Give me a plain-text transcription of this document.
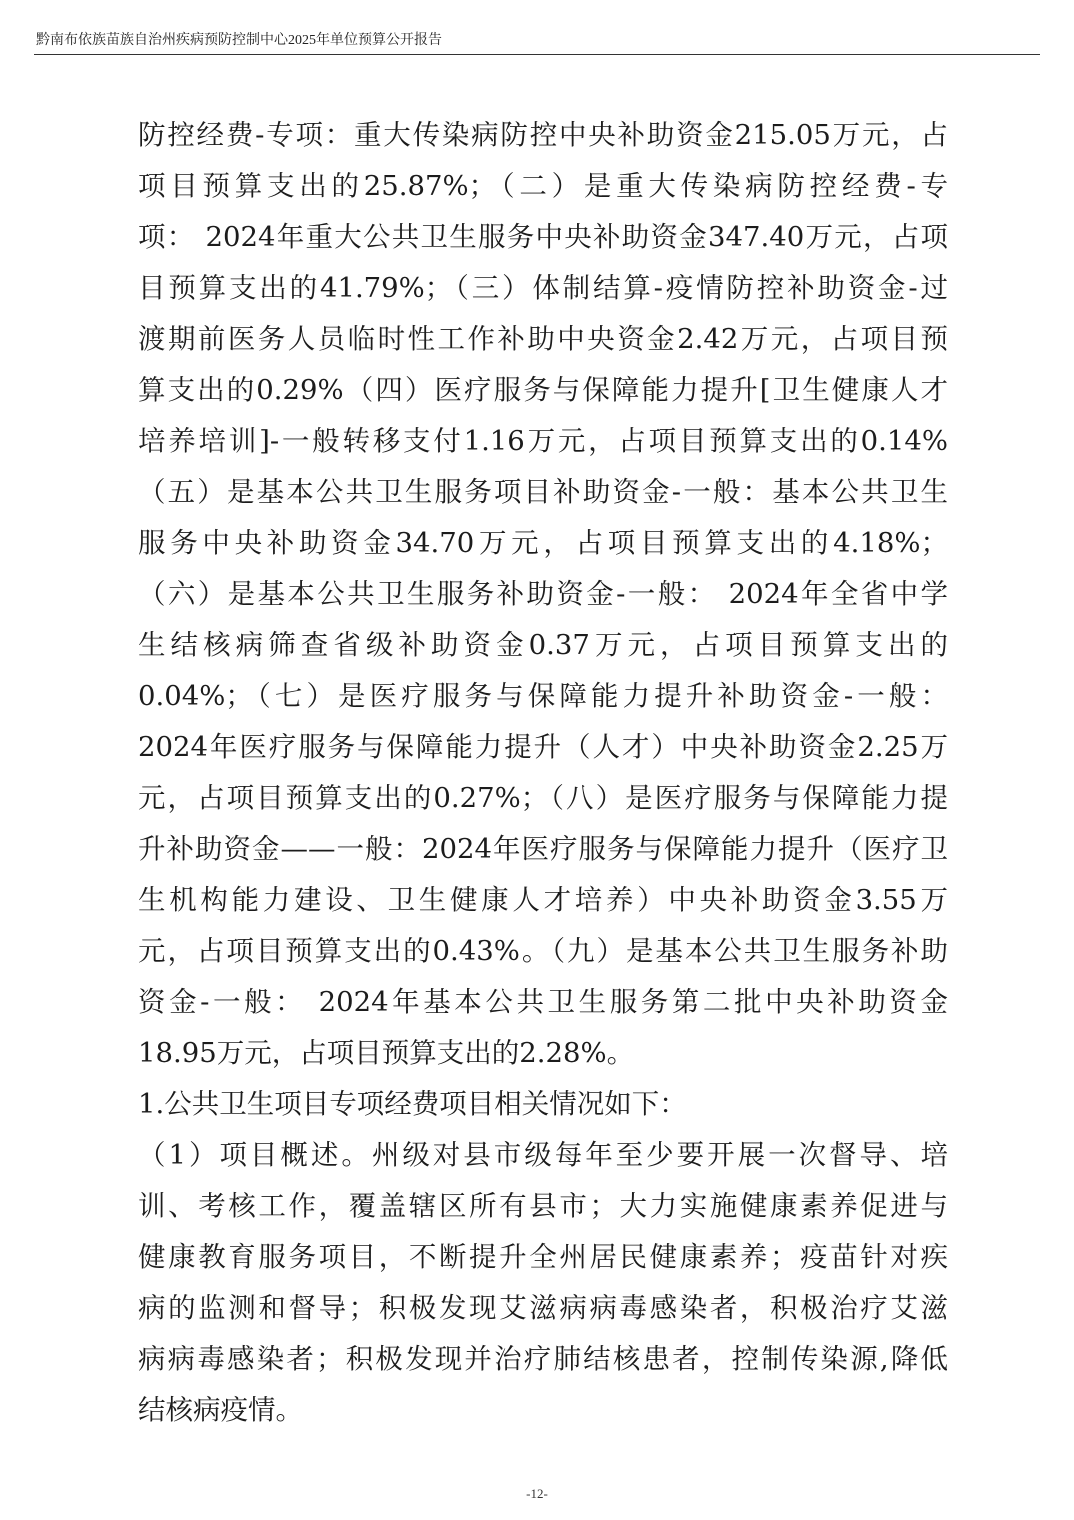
黔南布依族苗族自治州疾病预防控制中心2025年单位预算公开报告
防控经费-专项：重大传染病防控中央补助资金215.05万元，占
项目预算支出的25.87%；（二）是重大传染病防控经费-专
项： 2024年重大公共卫生服务中央补助资金347.40万元，占项
目预算支出的41.79%；（三）体制结算-疫情防控补助资金-过
渡期前医务人员临时性工作补助中央资金2.42万元，占项目预
算支出的0.29%（四）医疗服务与保障能力提升[卫生健康人才
培养培训]-一般转移支付1.16万元，占项目预算支出的0.14%
（五）是基本公共卫生服务项目补助资金-一般：基本公共卫生
服务中央补助资金34.70万元，占项目预算支出的4.18%；
（六）是基本公共卫生服务补助资金-一般： 2024年全省中学
生结核病筛查省级补助资金0.37万元，占项目预算支出的
0.04%；（七）是医疗服务与保障能力提升补助资金-一般：
2024年医疗服务与保障能力提升（人才）中央补助资金2.25万
元，占项目预算支出的0.27%；（八）是医疗服务与保障能力提
升补助资金——一般：2024年医疗服务与保障能力提升（医疗卫
生机构能力建设、卫生健康人才培养）中央补助资金3.55万
元，占项目预算支出的0.43%。（九）是基本公共卫生服务补助
资金-一般： 2024年基本公共卫生服务第二批中央补助资金
18.95万元，占项目预算支出的2.28%。
1.公共卫生项目专项经费项目相关情况如下：
（1）项目概述。州级对县市级每年至少要开展一次督导、培
训、考核工作，覆盖辖区所有县市；大力实施健康素养促进与
健康教育服务项目，不断提升全州居民健康素养；疫苗针对疾
病的监测和督导；积极发现艾滋病病毒感染者，积极治疗艾滋
病病毒感染者；积极发现并治疗肺结核患者，控制传染源,降低
结核病疫情。
-12-
